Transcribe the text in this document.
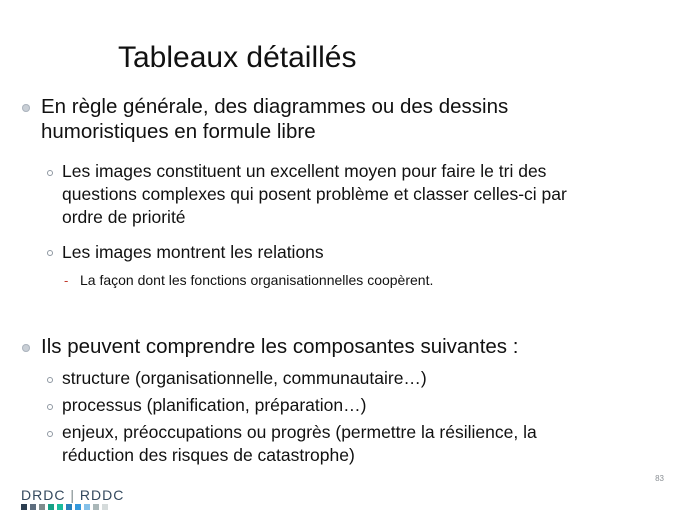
Tableaux détaillés
En règle générale, des diagrammes ou des dessins
humoristiques en formule libre
Les images constituent un excellent moyen pour faire le tri des
questions complexes qui posent problème et classer celles-ci par
ordre de priorité
Les images montrent les relations
- La façon dont les fonctions organisationnelles coopèrent.
Ils peuvent comprendre les composantes suivantes :
structure (organisationnelle, communautaire…)
processus (planification, préparation…)
enjeux, préoccupations ou progrès (permettre la résilience, la
réduction des risques de catastrophe)
83
DRDC | RDDC
